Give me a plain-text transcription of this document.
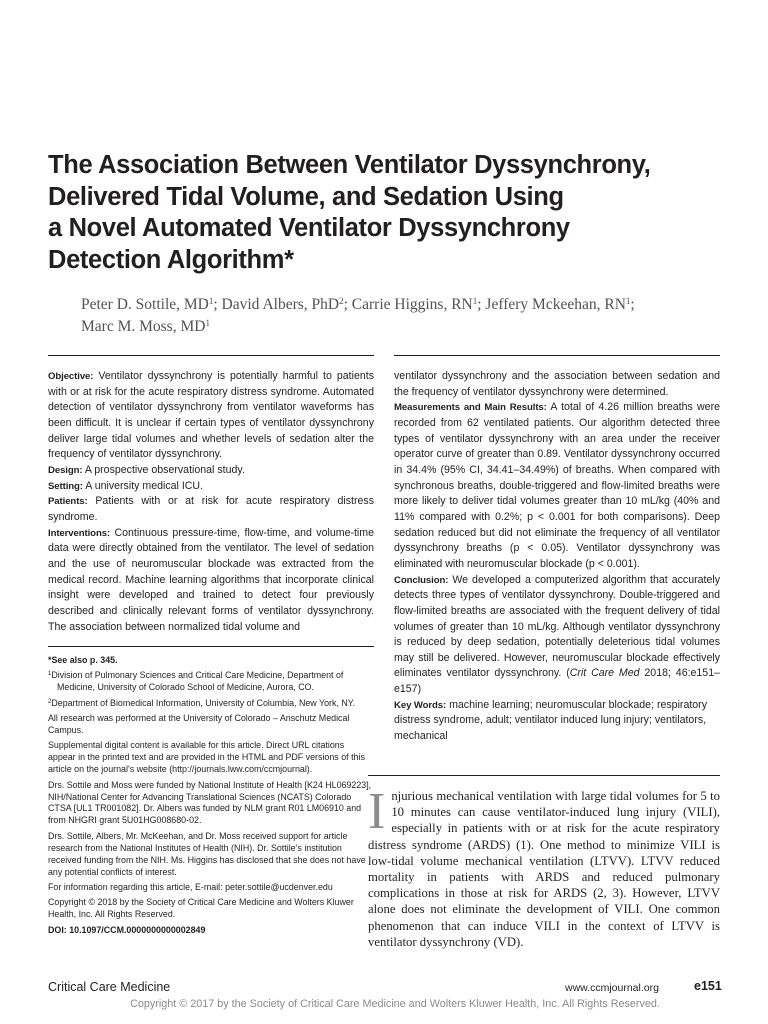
The Association Between Ventilator Dyssynchrony,
Delivered Tidal Volume, and Sedation Using
a Novel Automated Ventilator Dyssynchrony
Detection Algorithm*
Peter D. Sottile, $MD^1$; David Albers, PhD$^2$; Carrie Higgins, $RN^1$; Jeffery Mckeehan, $RN^1$;
Marc M. Moss, $MD^1$

Objective: Ventilator dyssynchrony is potentially harmful to patients with or at risk for the acute respiratory distress syndrome. Automated detection of ventilator dyssynchrony from ventilator waveforms has been difficult. It is unclear if certain types of ventilator dyssynchrony deliver large tidal volumes and whether levels of sedation alter the frequency of ventilator dyssynchrony.

Design: A prospective observational study.

Setting: A university medical ICU.

Patients: Patients with or at risk for acute respiratory distress syndrome.

Interventions: Continuous pressure-time, flow-time, and volume-time data were directly obtained from the ventilator. The level of sedation and the use of neuromuscular blockade was extracted from the medical record. Machine learning algorithms that incorporate clinical insight were developed and trained to detect four previously described and clinically relevant forms of ventilator dyssynchrony. The association between normalized tidal volume and

ventilator dyssynchrony and the association between sedation and the frequency of ventilator dyssynchrony were determined.

Measurements and Main Results: A total of 4.26 million breaths were recorded from 62 ventilated patients. Our algorithm detected three types of ventilator dyssynchrony with an area under the receiver operator curve of greater than 0.89. Ventilator dyssynchrony occurred in 34.4% (95% CI, 34.41–34.49%) of breaths. When compared with synchronous breaths, double-triggered and flow-limited breaths were more likely to deliver tidal volumes greater than 10 mL/kg (40% and 11% compared with 0.2%; p < 0.001 for both comparisons). Deep sedation reduced but did not eliminate the frequency of all ventilator dyssynchrony breaths (p < 0.05). Ventilator dyssynchrony was eliminated with neuromuscular blockade (p < 0.001).

Conclusion: We developed a computerized algorithm that accurately detects three types of ventilator dyssynchrony. Double-triggered and flow-limited breaths are associated with the frequent delivery of tidal volumes of greater than 10 mL/kg. Although ventilator dyssynchrony is reduced by deep sedation, potentially deleterious tidal volumes may still be delivered. However, neuromuscular blockade effectively eliminates ventilator dyssynchrony. (Crit Care Med 2018; 46:e151–e157)

Key Words: machine learning; neuromuscular blockade; respiratory distress syndrome, adult; ventilator induced lung injury; ventilators, mechanical

*See also p. 345.

$^1$Division of Pulmonary Sciences and Critical Care Medicine, Department of Medicine, University of Colorado School of Medicine, Aurora, CO.

$^2$Department of Biomedical Information, University of Columbia, New York, NY.

All research was performed at the University of Colorado – Anschutz Medical Campus.

Supplemental digital content is available for this article. Direct URL citations appear in the printed text and are provided in the HTML and PDF versions of this article on the journal’s website (http://journals.lww.com/ccmjournal).

Drs. Sottile and Moss were funded by National Institute of Health [K24 HL069223], NIH/National Center for Advancing Translational Sciences (NCATS) Colorado CTSA [UL1 TR001082]. Dr. Albers was funded by NLM grant R01 LM06910 and from NHGRI grant 5U01HG008680-02.

Drs. Sottile, Albers, Mr. McKeehan, and Dr. Moss received support for article research from the National Institutes of Health (NIH). Dr. Sottile’s institution received funding from the NIH. Ms. Higgins has disclosed that she does not have any potential conflicts of interest.

For information regarding this article, E-mail: peter.sottile@ucdenver.edu

Copyright © 2018 by the Society of Critical Care Medicine and Wolters Kluwer Health, Inc. All Rights Reserved.

DOI: 10.1097/CCM.0000000000002849

Injurious mechanical ventilation with large tidal volumes for 5 to 10 minutes can cause ventilator-induced lung injury (VILI), especially in patients with or at risk for the acute respiratory distress syndrome (ARDS) (1). One method to minimize VILI is low-tidal volume mechanical ventilation (LTVV). LTVV reduced mortality in patients with ARDS and reduced pulmonary complications in those at risk for ARDS (2, 3). However, LTVV alone does not eliminate the development of VILI. One common phenomenon that can induce VILI in the context of LTVV is ventilator dyssynchrony (VD).

Critical Care Medicine	www.ccmjournal.org	e151
Copyright © 2017 by the Society of Critical Care Medicine and Wolters Kluwer Health, Inc. All Rights Reserved.
